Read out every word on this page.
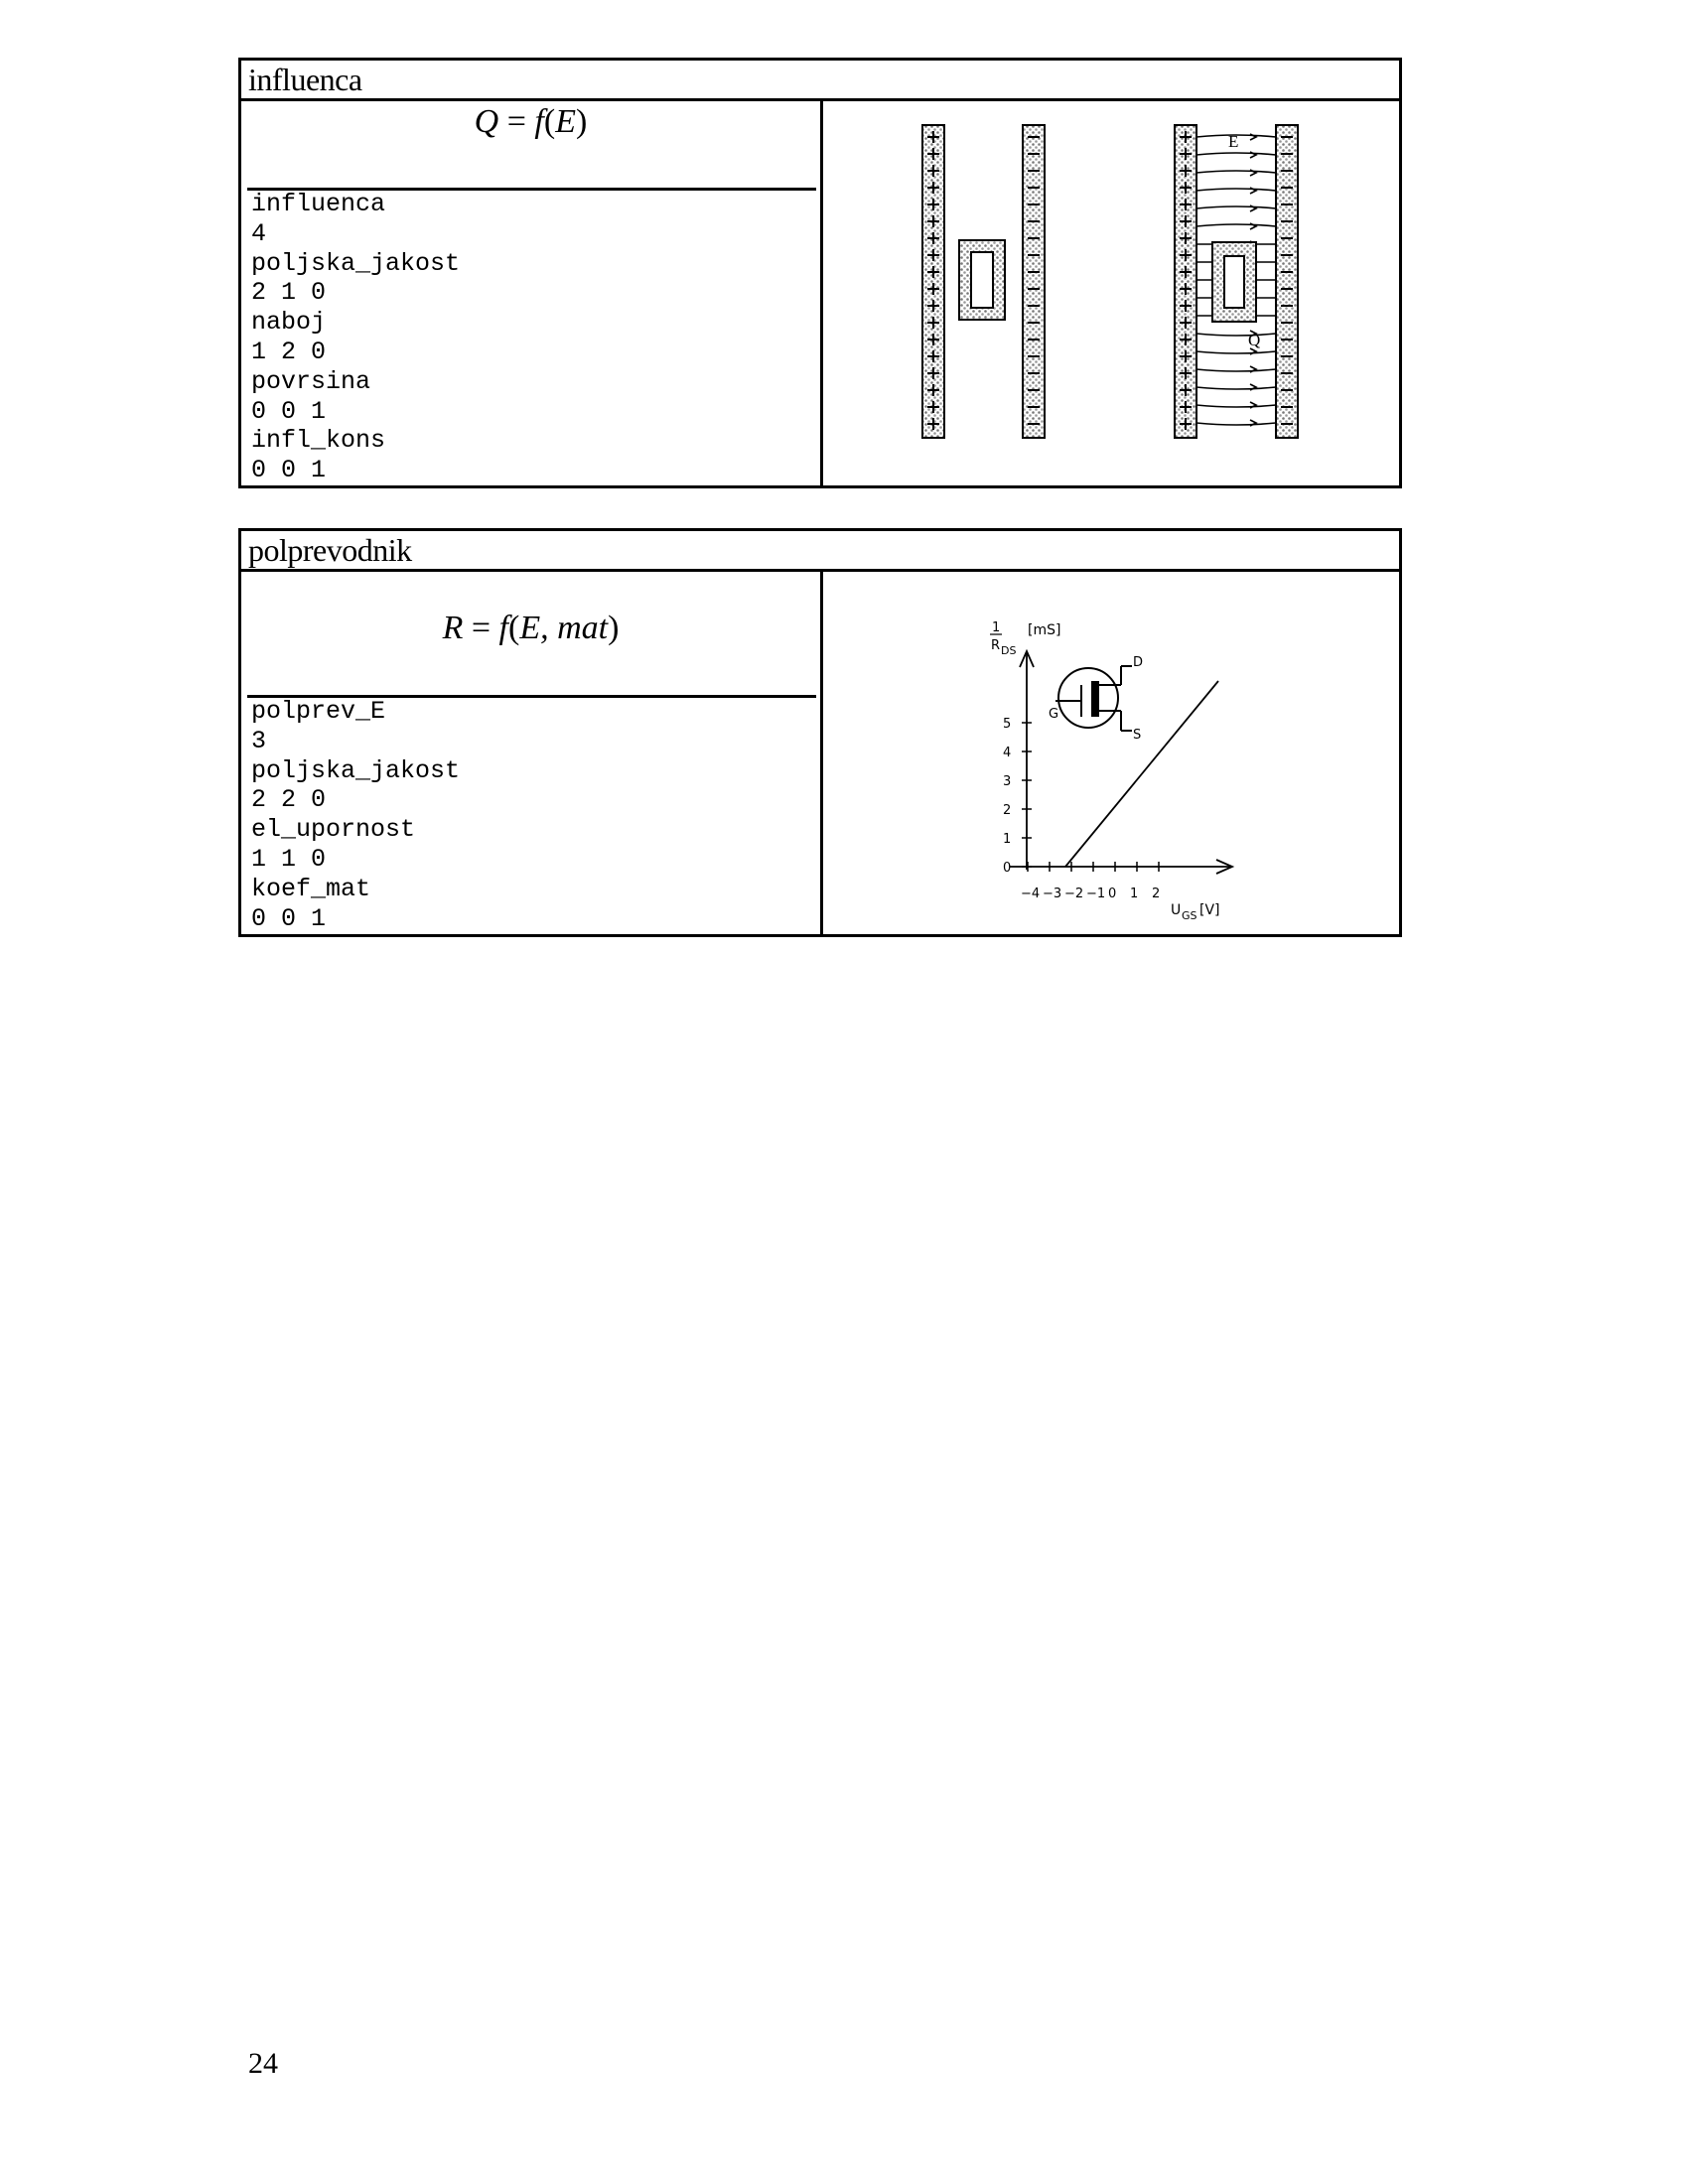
influenca
Q = f(E)
influenca
4
poljska_jakost
2 1 0
naboj
1 2 0
povrsina
0 0 1
infl_kons
0 0 1
E
Q
polprevodnik
R = f(E, mat)
polprev_E
3
poljska_jakost
2 2 0
el_upornost
1 1 0
koef_mat
0 0 1
1
R DS
[mS]
U GS [V]
0
1
2
3
4
5
−4 −3 −2 −1 0 1 2
G
D
S
24
